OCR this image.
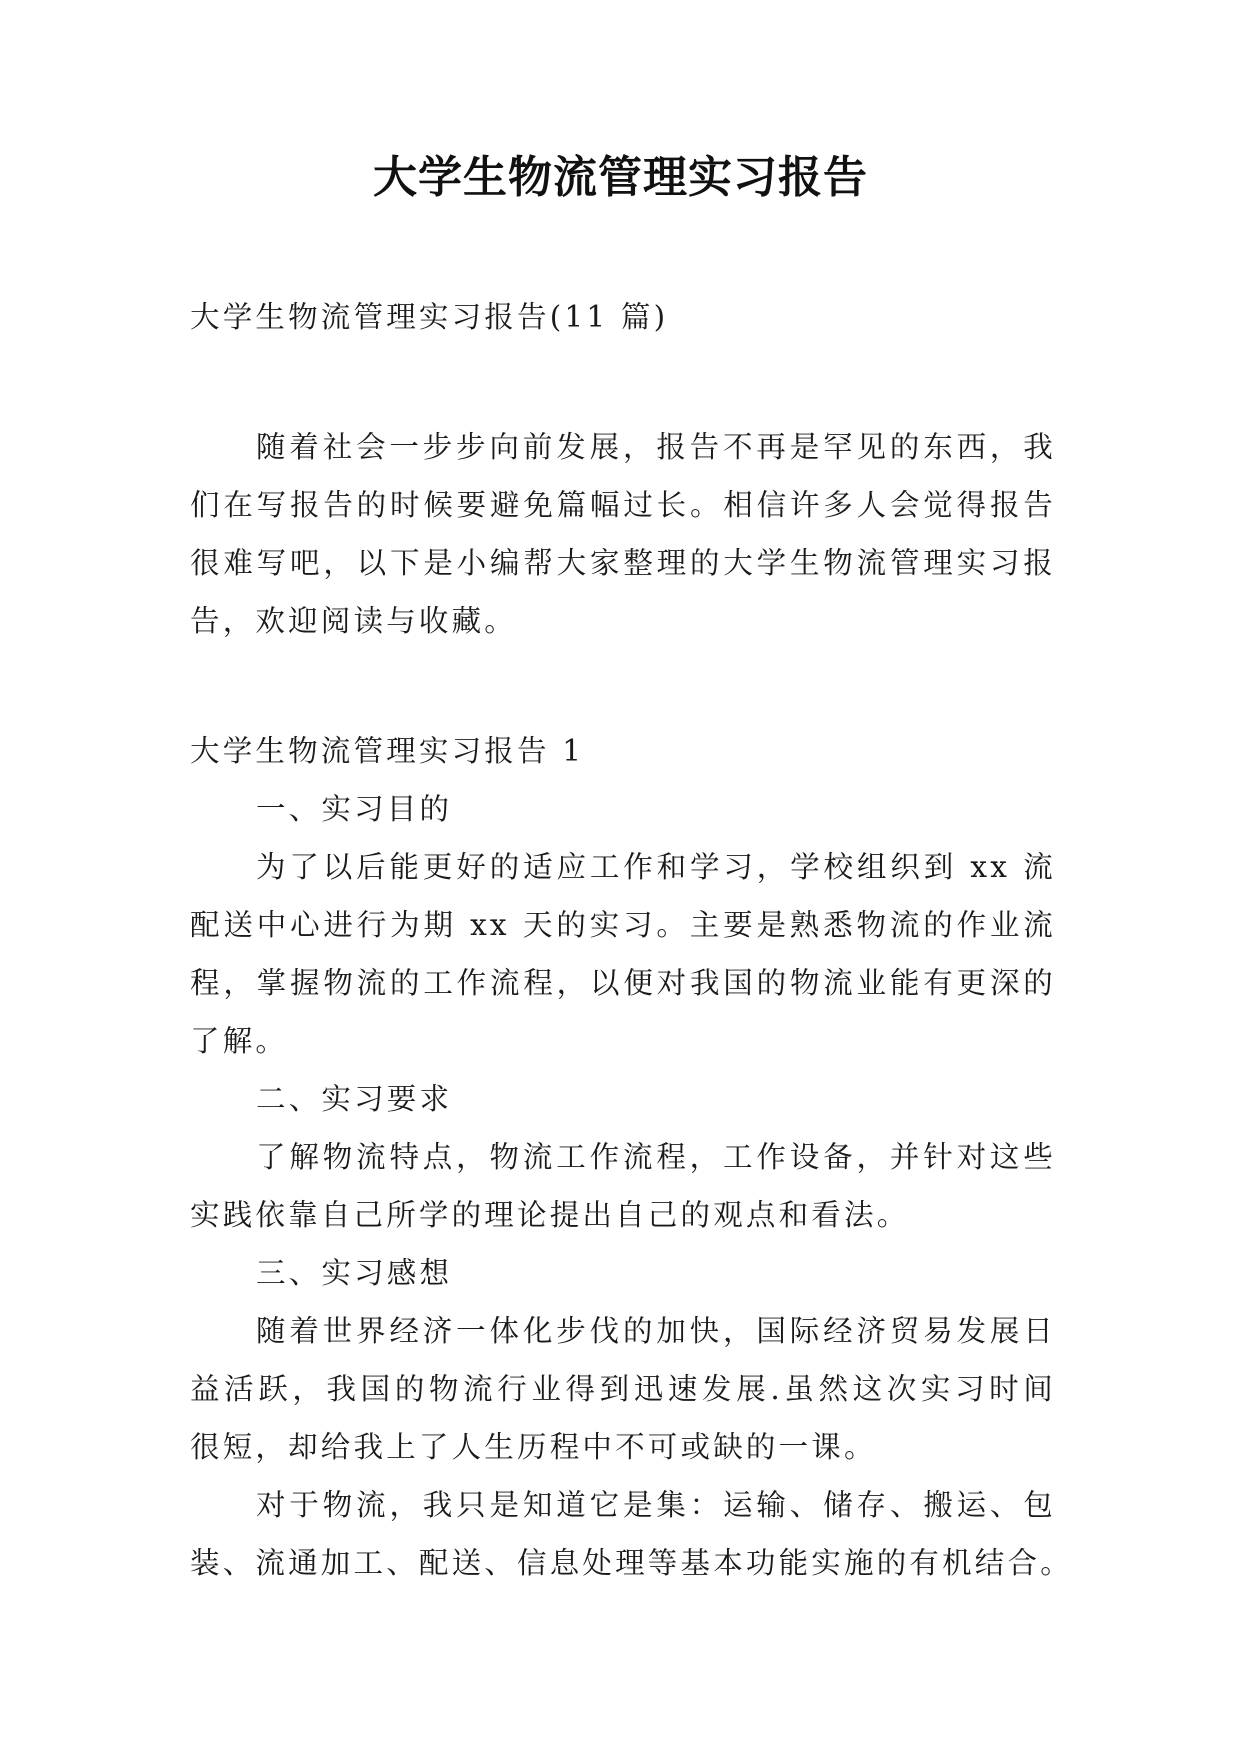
大学生物流管理实习报告
大学生物流管理实习报告(11 篇)
随着社会一步步向前发展，报告不再是罕见的东西，我
们在写报告的时候要避免篇幅过长。相信许多人会觉得报告
很难写吧，以下是小编帮大家整理的大学生物流管理实习报
告，欢迎阅读与收藏。
大学生物流管理实习报告 1
一、实习目的
为了以后能更好的适应工作和学习，学校组织到 xx 流
配送中心进行为期 xx 天的实习。主要是熟悉物流的作业流
程，掌握物流的工作流程，以便对我国的物流业能有更深的
了解。
二、实习要求
了解物流特点，物流工作流程，工作设备，并针对这些
实践依靠自己所学的理论提出自己的观点和看法。
三、实习感想
随着世界经济一体化步伐的加快，国际经济贸易发展日
益活跃，我国的物流行业得到迅速发展.虽然这次实习时间
很短，却给我上了人生历程中不可或缺的一课。
对于物流，我只是知道它是集：运输、储存、搬运、包
装、流通加工、配送、信息处理等基本功能实施的有机结合。
